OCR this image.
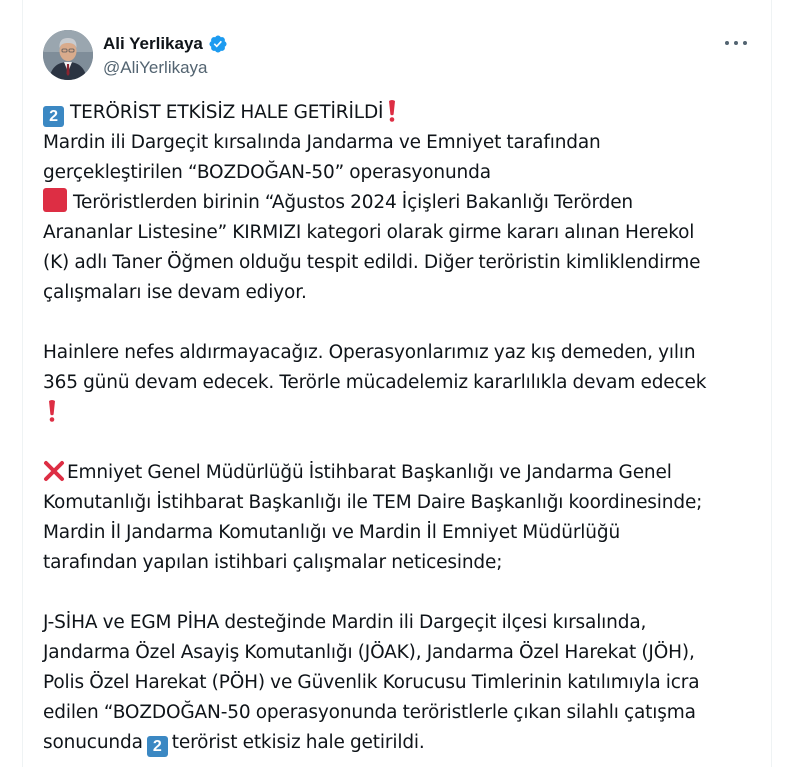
Ali Yerlikaya
@AliYerlikaya
2 TERÖRİST ETKİSİZ HALE GETİRİLDİ
Mardin ili Dargeçit kırsalında Jandarma ve Emniyet tarafından
gerçekleştirilen “BOZDOĞAN-50” operasyonunda
Teröristlerden birinin “Ağustos 2024 İçişleri Bakanlığı Terörden
Arananlar Listesine” KIRMIZI kategori olarak girme kararı alınan Herekol
(K) adlı Taner Öğmen olduğu tespit edildi. Diğer teröristin kimliklendirme
çalışmaları ise devam ediyor.
Hainlere nefes aldırmayacağız. Operasyonlarımız yaz kış demeden, yılın
365 günü devam edecek. Terörle mücadelemiz kararlılıkla devam edecek
Emniyet Genel Müdürlüğü İstihbarat Başkanlığı ve Jandarma Genel
Komutanlığı İstihbarat Başkanlığı ile TEM Daire Başkanlığı koordinesinde;
Mardin İl Jandarma Komutanlığı ve Mardin İl Emniyet Müdürlüğü
tarafından yapılan istihbari çalışmalar neticesinde;
J-SİHA ve EGM PİHA desteğinde Mardin ili Dargeçit ilçesi kırsalında,
Jandarma Özel Asayiş Komutanlığı (JÖAK), Jandarma Özel Harekat (JÖH),
Polis Özel Harekat (PÖH) ve Güvenlik Korucusu Timlerinin katılımıyla icra
edilen “BOZDOĞAN-50 operasyonunda teröristlerle çıkan silahlı çatışma
sonucunda 2 terörist etkisiz hale getirildi.
